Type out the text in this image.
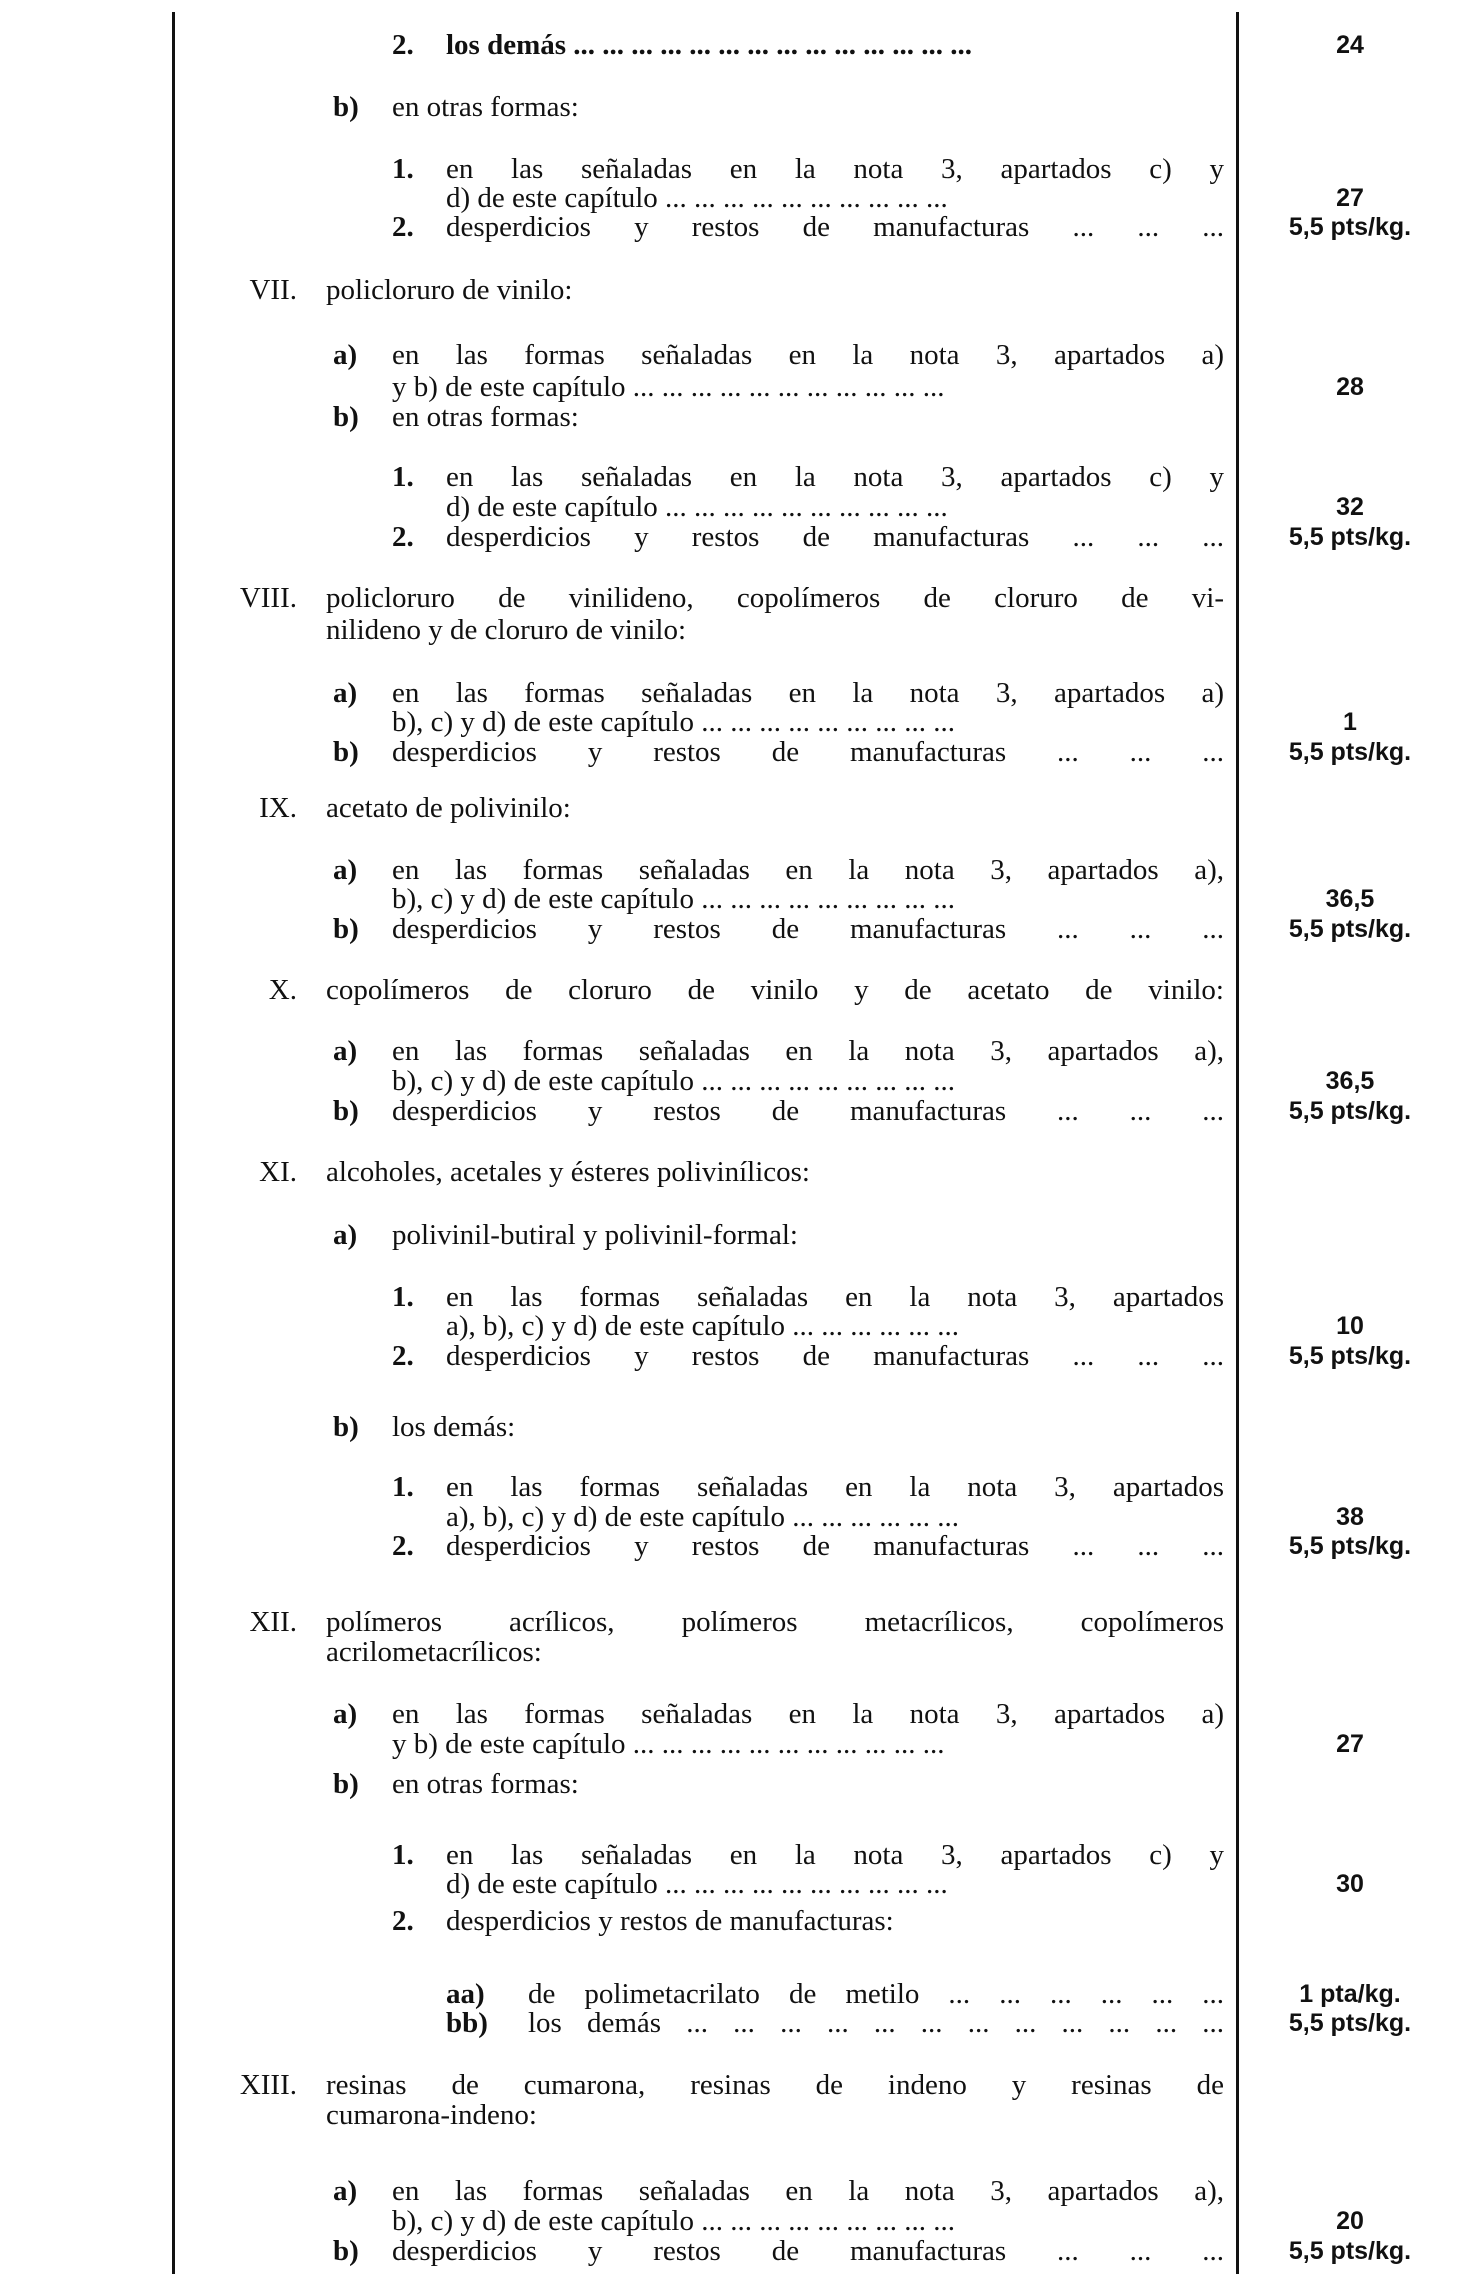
2. los demás ... ... ... ... ... ... ... ... ... ... ... ... ... ...	24
b) en otras formas:
1. en las señaladas en la nota 3, apartados c) y
d) de este capítulo ... ... ... ... ... ... ... ... ... ...	27
2. desperdicios y restos de manufacturas ... ... ...	5,5 pts/kg.
VII. policloruro de vinilo:
a) en las formas señaladas en la nota 3, apartados a)
y b) de este capítulo ... ... ... ... ... ... ... ... ... ... ...	28
b) en otras formas:
1. en las señaladas en la nota 3, apartados c) y
d) de este capítulo ... ... ... ... ... ... ... ... ... ...	32
2. desperdicios y restos de manufacturas ... ... ...	5,5 pts/kg.
VIII. policloruro de vinilideno, copolímeros de cloruro de vi-
nilideno y de cloruro de vinilo:
a) en las formas señaladas en la nota 3, apartados a)
b), c) y d) de este capítulo ... ... ... ... ... ... ... ... ...	1
b) desperdicios y restos de manufacturas ... ... ...	5,5 pts/kg.
IX. acetato de polivinilo:
a) en las formas señaladas en la nota 3, apartados a),
b), c) y d) de este capítulo ... ... ... ... ... ... ... ... ...	36,5
b) desperdicios y restos de manufacturas ... ... ...	5,5 pts/kg.
X. copolímeros de cloruro de vinilo y de acetato de vinilo:
a) en las formas señaladas en la nota 3, apartados a),
b), c) y d) de este capítulo ... ... ... ... ... ... ... ... ...	36,5
b) desperdicios y restos de manufacturas ... ... ...	5,5 pts/kg.
XI. alcoholes, acetales y ésteres polivinílicos:
a) polivinil-butiral y polivinil-formal:
1. en las formas señaladas en la nota 3, apartados
a), b), c) y d) de este capítulo ... ... ... ... ... ...	10
2. desperdicios y restos de manufacturas ... ... ...	5,5 pts/kg.
b) los demás:
1. en las formas señaladas en la nota 3, apartados
a), b), c) y d) de este capítulo ... ... ... ... ... ...	38
2. desperdicios y restos de manufacturas ... ... ...	5,5 pts/kg.
XII. polímeros acrílicos, polímeros metacrílicos, copolímeros
acrilometacrílicos:
a) en las formas señaladas en la nota 3, apartados a)
y b) de este capítulo ... ... ... ... ... ... ... ... ... ... ...	27
b) en otras formas:
1. en las señaladas en la nota 3, apartados c) y
d) de este capítulo ... ... ... ... ... ... ... ... ... ...	30
2. desperdicios y restos de manufacturas:
aa) de polimetacrilato de metilo ... ... ... ... ... ...	1 pta/kg.
bb) los demás ... ... ... ... ... ... ... ... ... ... ... ...	5,5 pts/kg.
XIII. resinas de cumarona, resinas de indeno y resinas de
cumarona-indeno:
a) en las formas señaladas en la nota 3, apartados a),
b), c) y d) de este capítulo ... ... ... ... ... ... ... ... ...	20
b) desperdicios y restos de manufacturas ... ... ...	5,5 pts/kg.
